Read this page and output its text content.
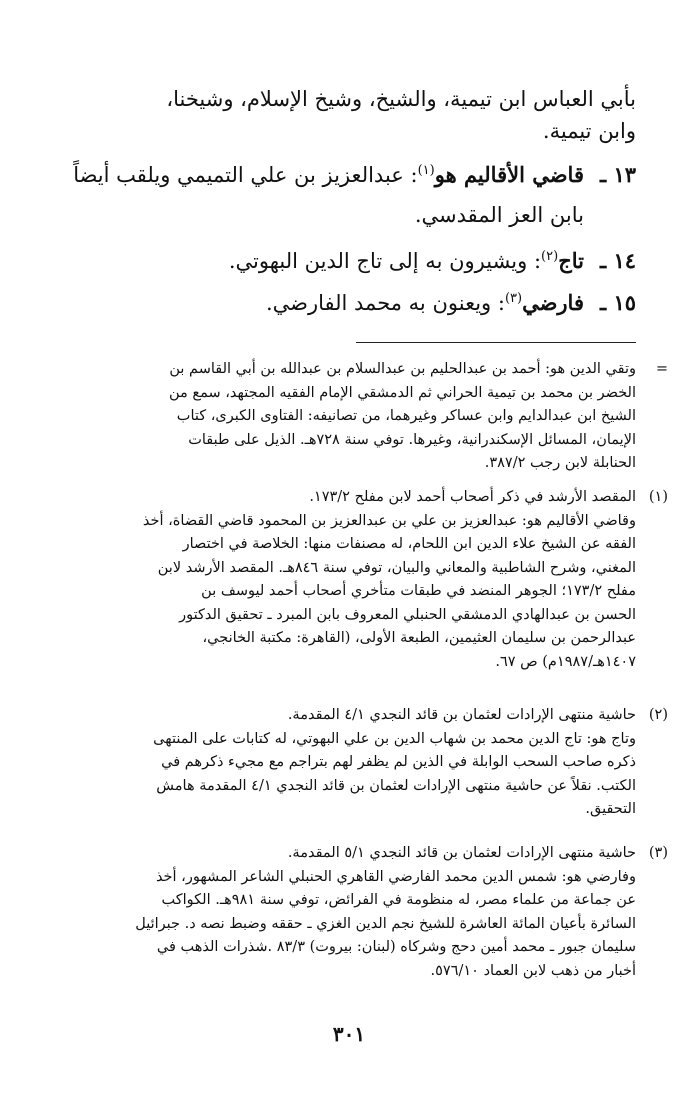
بأبي العباس ابن تيمية، والشيخ، وشيخ الإسلام، وشيخنا،
وابن تيمية.
١٣ ـ
قاضي الأقاليم هو$^{(١)}$: عبدالعزيز بن علي التميمي ويلقب أيضاً
بابن العز المقدسي.
١٤ ـ
تاج$^{(٢)}$: ويشيرون به إلى تاج الدين البهوتي.
١٥ ـ
فارضي$^{(٣)}$: ويعنون به محمد الفارضي.
=
وتقي الدين هو: أحمد بن عبدالحليم بن عبدالسلام بن عبدالله بن أبي القاسم بن
الخضر بن محمد بن تيمية الحراني ثم الدمشقي الإمام الفقيه المجتهد، سمع من
الشيخ ابن عبدالدايم وابن عساكر وغيرهما، من تصانيفه: الفتاوى الكبرى، كتاب
الإيمان، المسائل الإسكندرانية، وغيرها. توفي سنة ٧٢٨هـ. الذيل على طبقات
الحنابلة لابن رجب ٣٨٧/٢.
(١)
المقصد الأرشد في ذكر أصحاب أحمد لابن مفلح ١٧٣/٢.
وقاضي الأقاليم هو: عبدالعزيز بن علي بن عبدالعزيز بن المحمود قاضي القضاة، أخذ
الفقه عن الشيخ علاء الدين ابن اللحام، له مصنفات منها: الخلاصة في اختصار
المغني، وشرح الشاطبية والمعاني والبيان، توفي سنة ٨٤٦هـ. المقصد الأرشد لابن
مفلح ١٧٣/٢؛ الجوهر المنضد في طبقات متأخري أصحاب أحمد ليوسف بن
الحسن بن عبدالهادي الدمشقي الحنبلي المعروف بابن المبرد ـ تحقيق الدكتور
عبدالرحمن بن سليمان العثيمين، الطبعة الأولى، (القاهرة: مكتبة الخانجي،
١٤٠٧هـ/١٩٨٧م) ص ٦٧.
(٢)
حاشية منتهى الإرادات لعثمان بن قائد النجدي ٤/١ المقدمة.
وتاج هو: تاج الدين محمد بن شهاب الدين بن علي البهوتي، له كتابات على المنتهى
ذكره صاحب السحب الوابلة في الذين لم يظفر لهم بتراجم مع مجيء ذكرهم في
الكتب. نقلاً عن حاشية منتهى الإرادات لعثمان بن قائد النجدي ٤/١ المقدمة هامش
التحقيق.
(٣)
حاشية منتهى الإرادات لعثمان بن قائد النجدي ٥/١ المقدمة.
وفارضي هو: شمس الدين محمد الفارضي القاهري الحنبلي الشاعر المشهور، أخذ
عن جماعة من علماء مصر، له منظومة في الفرائض، توفي سنة ٩٨١هـ. الكواكب
السائرة بأعيان المائة العاشرة للشيخ نجم الدين الغزي ـ حققه وضبط نصه د. جبرائيل
سليمان جبور ـ محمد أمين دحج وشركاه (لبنان: بيروت) ٨٣/٣ .شذرات الذهب في
أخبار من ذهب لابن العماد ٥٧٦/١٠.
٣٠١
